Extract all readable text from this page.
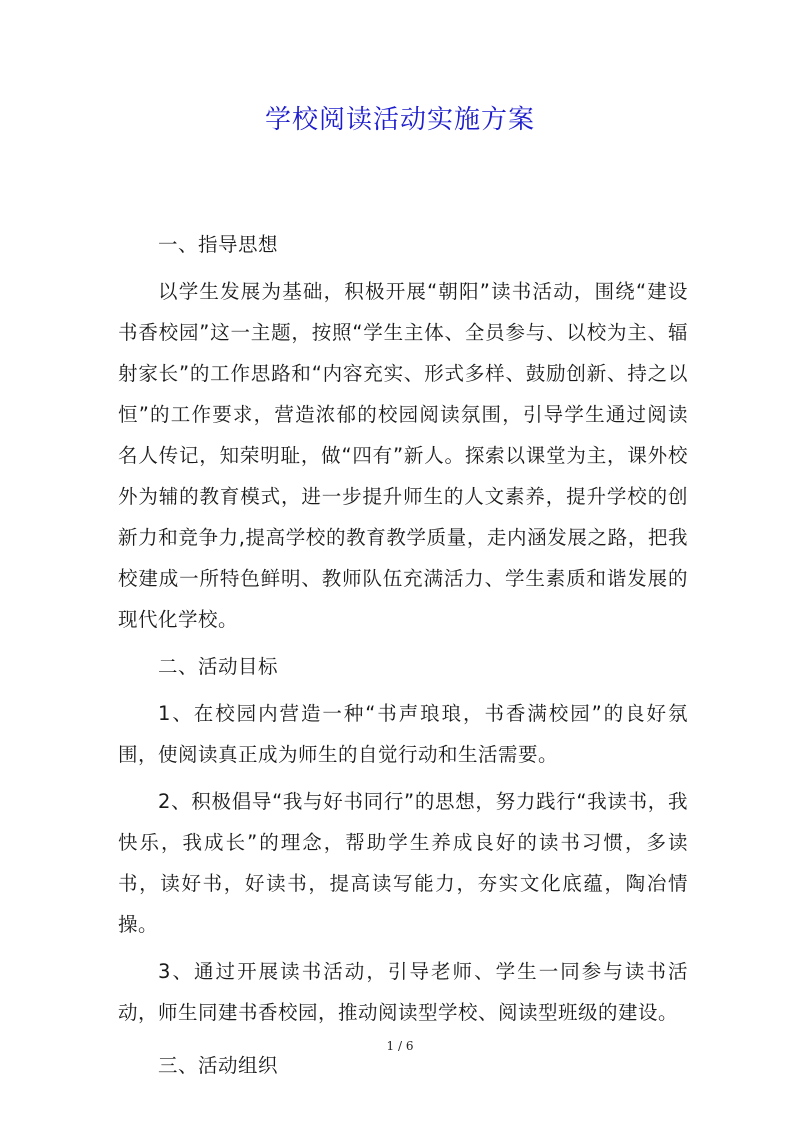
学校阅读活动实施方案

一、指导思想

以学生发展为基础，积极开展“朝阳”读书活动，围绕“建设书香校园”这一主题，按照“学生主体、全员参与、以校为主、辐射家长”的工作思路和“内容充实、形式多样、鼓励创新、持之以恒”的工作要求，营造浓郁的校园阅读氛围，引导学生通过阅读名人传记，知荣明耻，做“四有”新人。探索以课堂为主，课外校外为辅的教育模式，进一步提升师生的人文素养，提升学校的创新力和竞争力,提高学校的教育教学质量，走内涵发展之路，把我校建成一所特色鲜明、教师队伍充满活力、学生素质和谐发展的现代化学校。

二、活动目标

1、在校园内营造一种“书声琅琅，书香满校园”的良好氛围，使阅读真正成为师生的自觉行动和生活需要。

2、积极倡导“我与好书同行”的思想，努力践行“我读书，我快乐，我成长”的理念，帮助学生养成良好的读书习惯，多读书，读好书，好读书，提高读写能力，夯实文化底蕴，陶冶情操。

3、通过开展读书活动，引导老师、学生一同参与读书活动，师生同建书香校园，推动阅读型学校、阅读型班级的建设。

三、活动组织

1 / 6
